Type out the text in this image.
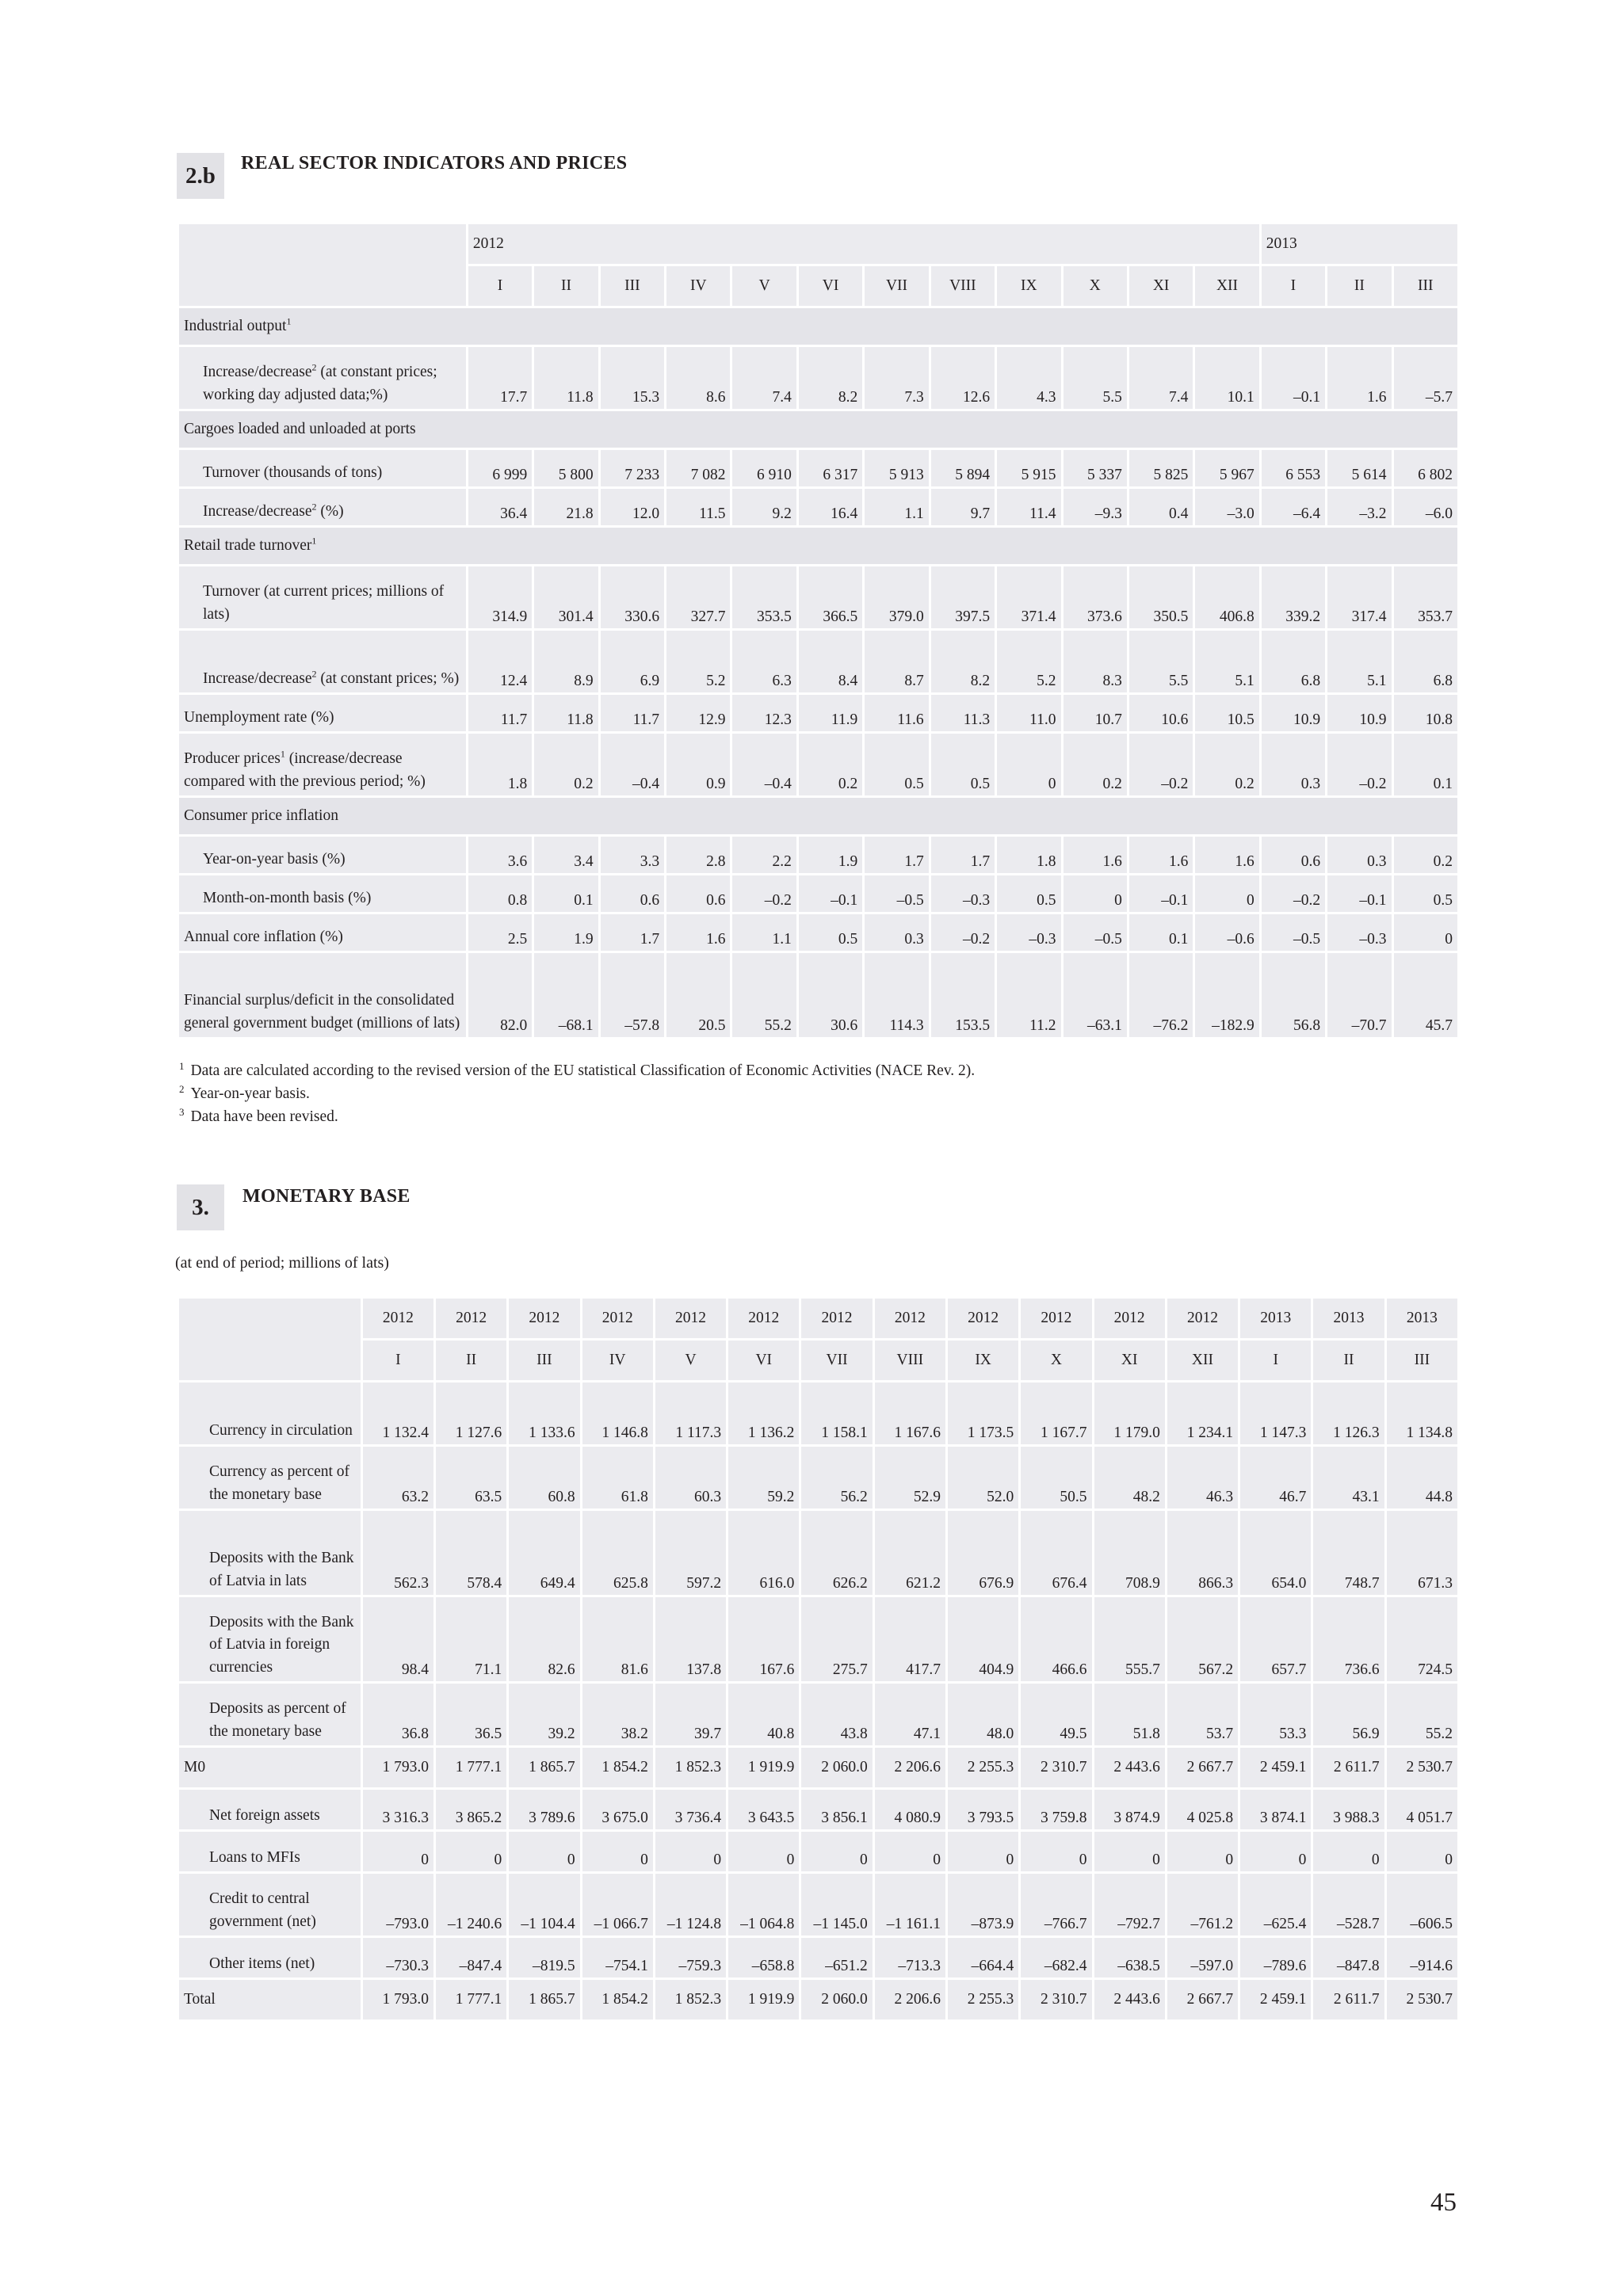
2.b REAL SECTOR INDICATORS AND PRICES
	2012												2013		
	I	II	III	IV	V	VI	VII	VIII	IX	X	XI	XII	I	II	III
Industrial output$^1$
Increase/decrease$^2$ (at constant prices; working day adjusted data;%)	17.7	11.8	15.3	8.6	7.4	8.2	7.3	12.6	4.3	5.5	7.4	10.1	–0.1	1.6	–5.7
Cargoes loaded and unloaded at ports															
Turnover (thousands of tons)	6 999	5 800	7 233	7 082	6 910	6 317	5 913	5 894	5 915	5 337	5 825	5 967	6 553	5 614	6 802
Increase/decrease$^2$ (%)	36.4	21.8	12.0	11.5	9.2	16.4	1.1	9.7	11.4	–9.3	0.4	–3.0	–6.4	–3.2	–6.0
Retail trade turnover$^1$
Turnover (at current prices; millions of lats)	314.9	301.4	330.6	327.7	353.5	366.5	379.0	397.5	371.4	373.6	350.5	406.8	339.2	317.4	353.7
Increase/decrease$^2$ (at constant prices; %)	12.4	8.9	6.9	5.2	6.3	8.4	8.7	8.2	5.2	8.3	5.5	5.1	6.8	5.1	6.8
Unemployment rate (%)	11.7	11.8	11.7	12.9	12.3	11.9	11.6	11.3	11.0	10.7	10.6	10.5	10.9	10.9	10.8
Producer prices$^1$ (increase/decrease compared with the previous period; %)	1.8	0.2	–0.4	0.9	–0.4	0.2	0.5	0.5	0	0.2	–0.2	0.2	0.3	–0.2	0.1
Consumer price inflation															
Year-on-year basis (%)	3.6	3.4	3.3	2.8	2.2	1.9	1.7	1.7	1.8	1.6	1.6	1.6	0.6	0.3	0.2
Month-on-month basis (%)	0.8	0.1	0.6	0.6	–0.2	–0.1	–0.5	–0.3	0.5	0	–0.1	0	–0.2	–0.1	0.5
Annual core inflation (%)	2.5	1.9	1.7	1.6	1.1	0.5	0.3	–0.2	–0.3	–0.5	0.1	–0.6	–0.5	–0.3	0
Financial surplus/deficit in the consolidated general government budget (millions of lats)	82.0	–68.1	–57.8	20.5	55.2	30.6	114.3	153.5	11.2	–63.1	–76.2	–182.9	56.8	–70.7	45.7
$^1$ Data are calculated according to the revised version of the EU statistical Classification of Economic Activities (NACE Rev. 2).
$^2$ Year-on-year basis.
$^3$ Data have been revised.
3. MONETARY BASE
(at end of period; millions of lats)
	2012	2012	2012	2012	2012	2012	2012	2012	2012	2012	2012	2012	2013	2013	2013
	I	II	III	IV	V	VI	VII	VIII	IX	X	XI	XII	I	II	III
Currency in circulation	1 132.4	1 127.6	1 133.6	1 146.8	1 117.3	1 136.2	1 158.1	1 167.6	1 173.5	1 167.7	1 179.0	1 234.1	1 147.3	1 126.3	1 134.8
Currency as percent of the monetary base	63.2	63.5	60.8	61.8	60.3	59.2	56.2	52.9	52.0	50.5	48.2	46.3	46.7	43.1	44.8
Deposits with the Bank of Latvia in lats	562.3	578.4	649.4	625.8	597.2	616.0	626.2	621.2	676.9	676.4	708.9	866.3	654.0	748.7	671.3
Deposits with the Bank of Latvia in foreign currencies	98.4	71.1	82.6	81.6	137.8	167.6	275.7	417.7	404.9	466.6	555.7	567.2	657.7	736.6	724.5
Deposits as percent of the monetary base	36.8	36.5	39.2	38.2	39.7	40.8	43.8	47.1	48.0	49.5	51.8	53.7	53.3	56.9	55.2
M0	1 793.0	1 777.1	1 865.7	1 854.2	1 852.3	1 919.9	2 060.0	2 206.6	2 255.3	2 310.7	2 443.6	2 667.7	2 459.1	2 611.7	2 530.7
Net foreign assets	3 316.3	3 865.2	3 789.6	3 675.0	3 736.4	3 643.5	3 856.1	4 080.9	3 793.5	3 759.8	3 874.9	4 025.8	3 874.1	3 988.3	4 051.7
Loans to MFIs	0	0	0	0	0	0	0	0	0	0	0	0	0	0	0
Credit to central government (net)	–793.0	–1 240.6	–1 104.4	–1 066.7	–1 124.8	–1 064.8	–1 145.0	–1 161.1	–873.9	–766.7	–792.7	–761.2	–625.4	–528.7	–606.5
Other items (net)	–730.3	–847.4	–819.5	–754.1	–759.3	–658.8	–651.2	–713.3	–664.4	–682.4	–638.5	–597.0	–789.6	–847.8	–914.6
Total	1 793.0	1 777.1	1 865.7	1 854.2	1 852.3	1 919.9	2 060.0	2 206.6	2 255.3	2 310.7	2 443.6	2 667.7	2 459.1	2 611.7	2 530.7
45
